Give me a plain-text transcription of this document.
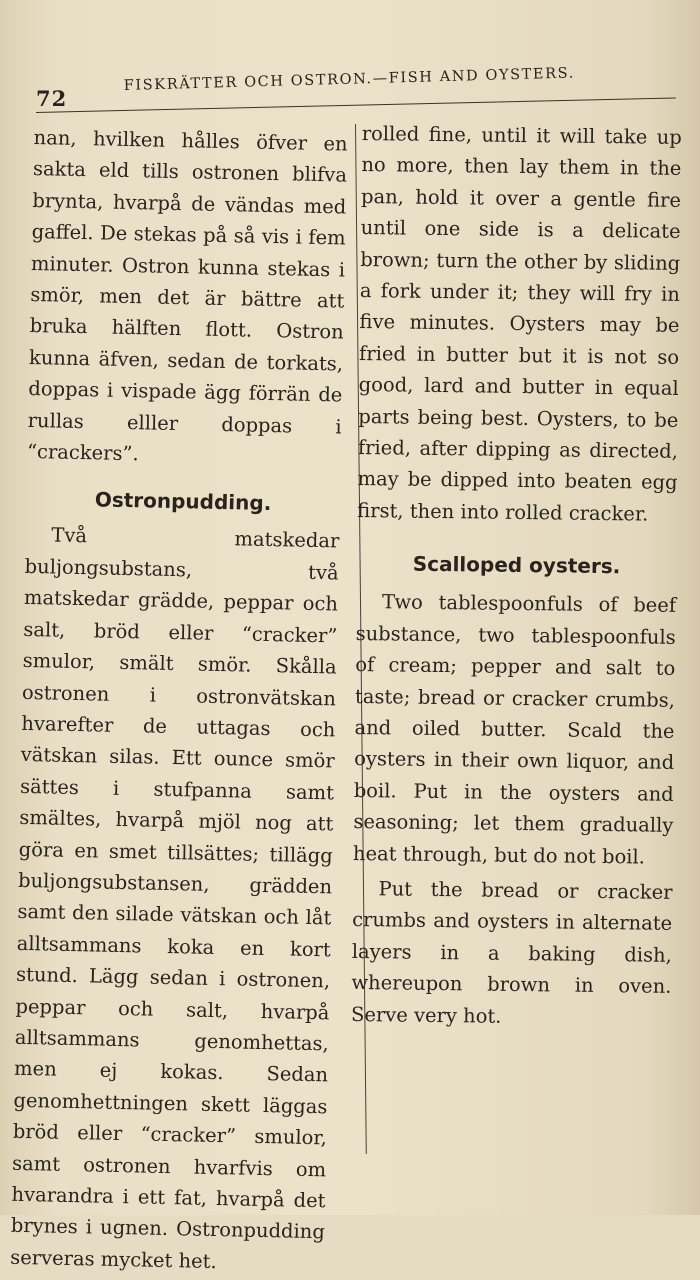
72
FISKRÄTTER OCH OSTRON.—FISH AND OYSTERS.

nan, hvilken hålles öfver en sakta eld tills ostronen blifva brynta, hvarpå de vändas med gaffel. De stekas på så vis i fem minuter. Ostron kunna stekas i smör, men det är bättre att bruka hälften flott. Ostron kunna äfven, sedan de torkats, doppas i vispade ägg förrän de rullas elller doppas i “crackers”.

Ostronpudding.

Två matskedar buljongsubstans, två matskedar grädde, peppar och salt, bröd eller “cracker” smulor, smält smör. Skålla ostronen i ostronvätskan hvarefter de uttagas och vätskan silas. Ett ounce smör sättes i stufpanna samt smältes, hvarpå mjöl nog att göra en smet tillsättes; tillägg buljongsubstansen, grädden samt den silade vätskan och låt alltsammans koka en kort stund. Lägg sedan i ostronen, peppar och salt, hvarpå alltsammans genomhettas, men ej kokas. Sedan genomhettningen skett läggas bröd eller “cracker” smulor, samt ostronen hvarfvis om hvarandra i ett fat, hvarpå det brynes i ugnen. Ostronpudding serveras mycket het.

rolled fine, until it will take up no more, then lay them in the pan, hold it over a gentle fire until one side is a delicate brown; turn the other by sliding a fork under it; they will fry in five minutes. Oysters may be fried in butter but it is not so good, lard and butter in equal parts being best. Oysters, to be fried, after dipping as directed, may be dipped into beaten egg first, then into rolled cracker.

Scalloped oysters.

Two tablespoonfuls of beef substance, two tablespoonfuls of cream; pepper and salt to taste; bread or cracker crumbs, and oiled butter. Scald the oysters in their own liquor, and boil. Put in the oysters and seasoning; let them gradually heat through, but do not boil.

Put the bread or cracker crumbs and oysters in alternate layers in a baking dish, whereupon brown in oven. Serve very hot.
